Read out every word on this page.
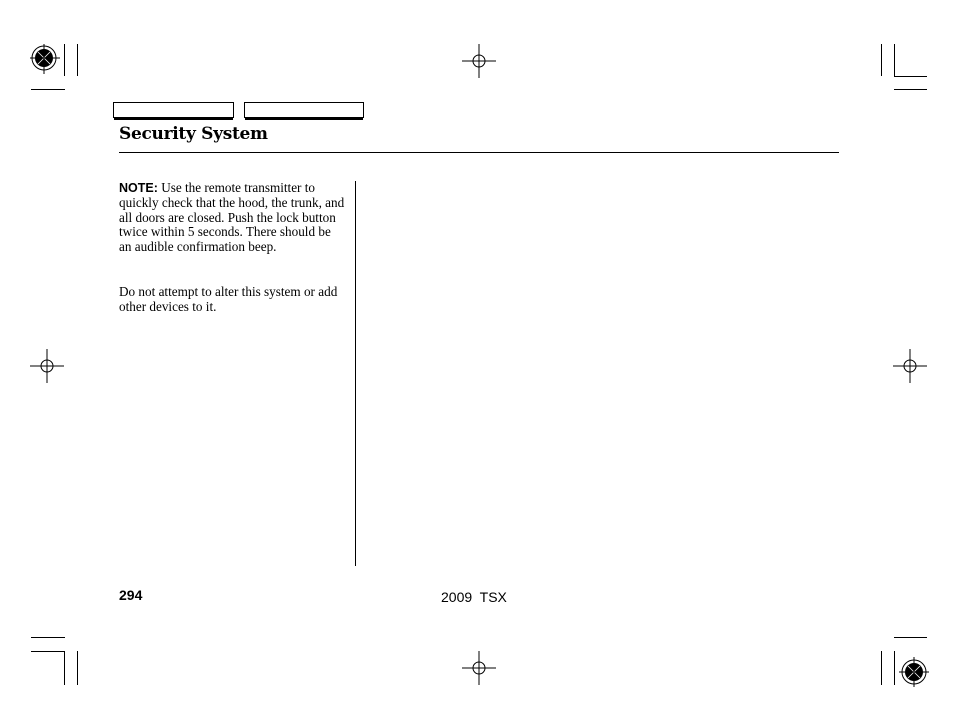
Security System

NOTE: Use the remote transmitter to quickly check that the hood, the trunk, and all doors are closed. Push the lock button twice within 5 seconds. There should be an audible confirmation beep.

Do not attempt to alter this system or add other devices to it.
294	2009  TSX
